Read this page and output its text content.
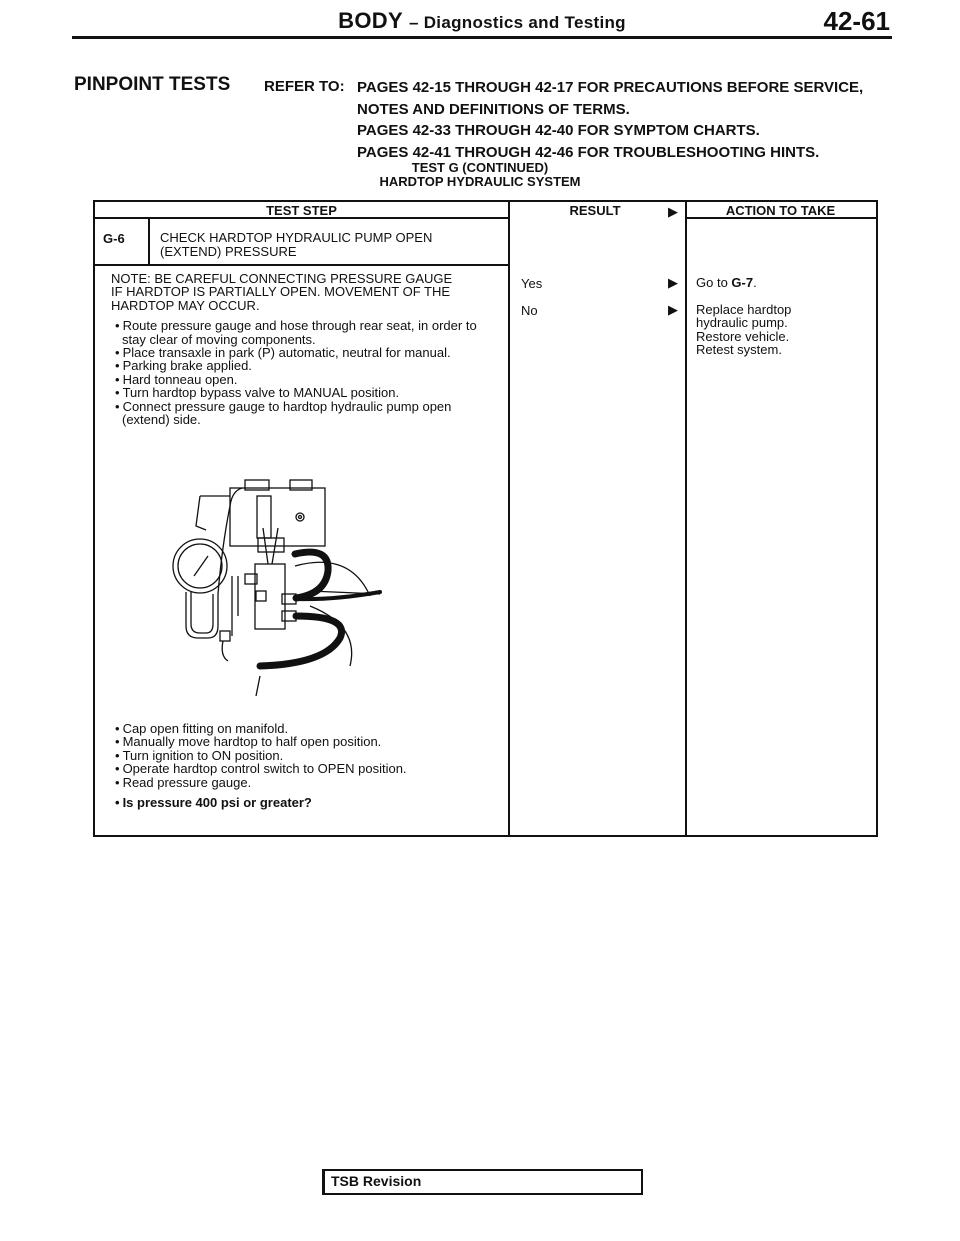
BODY – Diagnostics and Testing	42-61
PINPOINT TESTS REFER TO: PAGES 42-15 THROUGH 42-17 FOR PRECAUTIONS BEFORE SERVICE,
NOTES AND DEFINITIONS OF TERMS.
PAGES 42-33 THROUGH 42-40 FOR SYMPTOM CHARTS.
PAGES 42-41 THROUGH 42-46 FOR TROUBLESHOOTING HINTS.
TEST G (CONTINUED)
HARDTOP HYDRAULIC SYSTEM
TEST STEP	RESULT	▶	ACTION TO TAKE
G-6	CHECK HARDTOP HYDRAULIC PUMP OPEN
(EXTEND) PRESSURE
NOTE: BE CAREFUL CONNECTING PRESSURE GAUGE
IF HARDTOP IS PARTIALLY OPEN. MOVEMENT OF THE
HARDTOP MAY OCCUR.
• Route pressure gauge and hose through rear seat, in order to stay clear of moving components.
• Place transaxle in park (P) automatic, neutral for manual.
• Parking brake applied.
• Hard tonneau open.
• Turn hardtop bypass valve to MANUAL position.
• Connect pressure gauge to hardtop hydraulic pump open (extend) side.
• Cap open fitting on manifold.
• Manually move hardtop to half open position.
• Turn ignition to ON position.
• Operate hardtop control switch to OPEN position.
• Read pressure gauge.
• Is pressure 400 psi or greater?
Yes	▶ Go to G-7.
No	▶ Replace hardtop
hydraulic pump.
Restore vehicle.
Retest system.
TSB Revision
